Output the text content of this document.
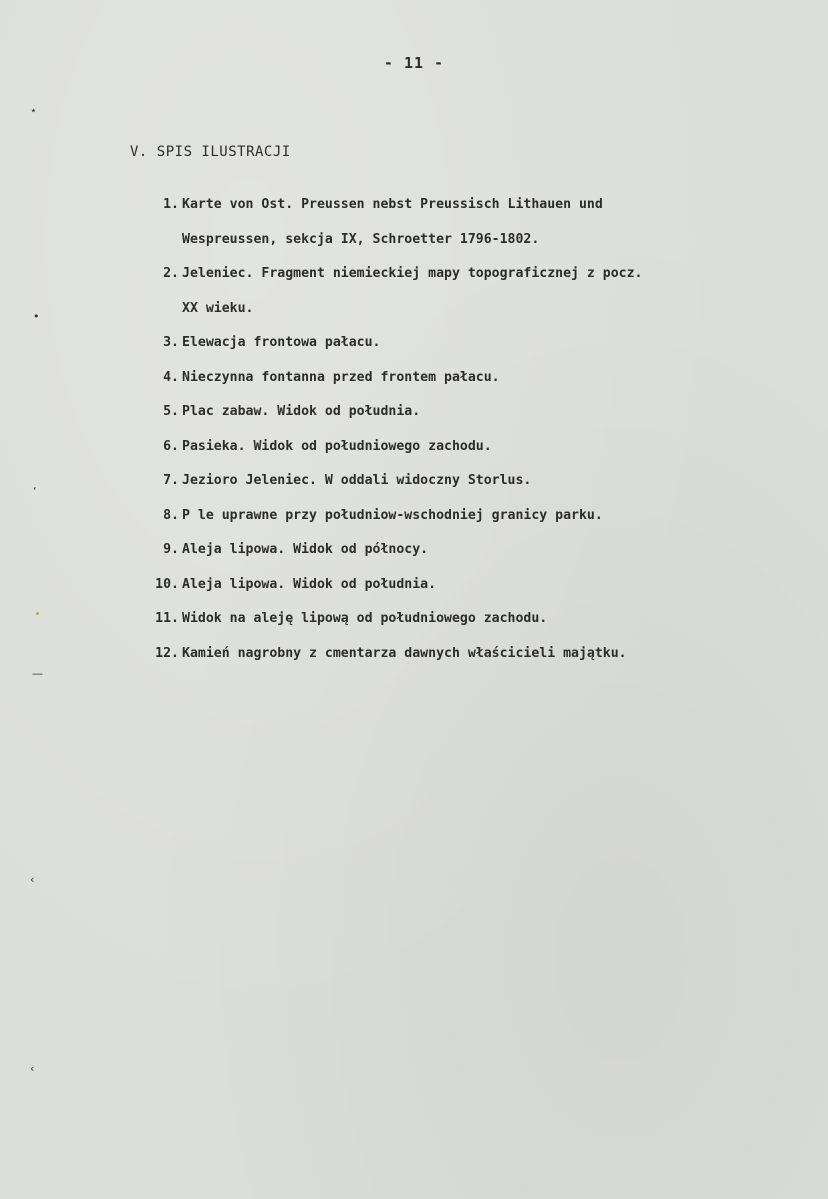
- 11 -
V. SPIS ILUSTRACJI
1. Karte von Ost. Preussen nebst Preussisch Lithauen und
Wespreussen, sekcja IX, Schroetter 1796-1802.
2. Jeleniec. Fragment niemieckiej mapy topograficznej z pocz.
XX wieku.
3. Elewacja frontowa pałacu.
4. Nieczynna fontanna przed frontem pałacu.
5. Plac zabaw. Widok od południa.
6. Pasieka. Widok od południowego zachodu.
7. Jezioro Jeleniec. W oddali widoczny Storlus.
8. P le uprawne przy południow-wschodniej granicy parku.
9. Aleja lipowa. Widok od północy.
10. Aleja lipowa. Widok od południa.
11. Widok na aleję lipową od południowego zachodu.
12. Kamień nagrobny z cmentarza dawnych właścicieli majątku.
⋆
•
‘
—
‹
‹
